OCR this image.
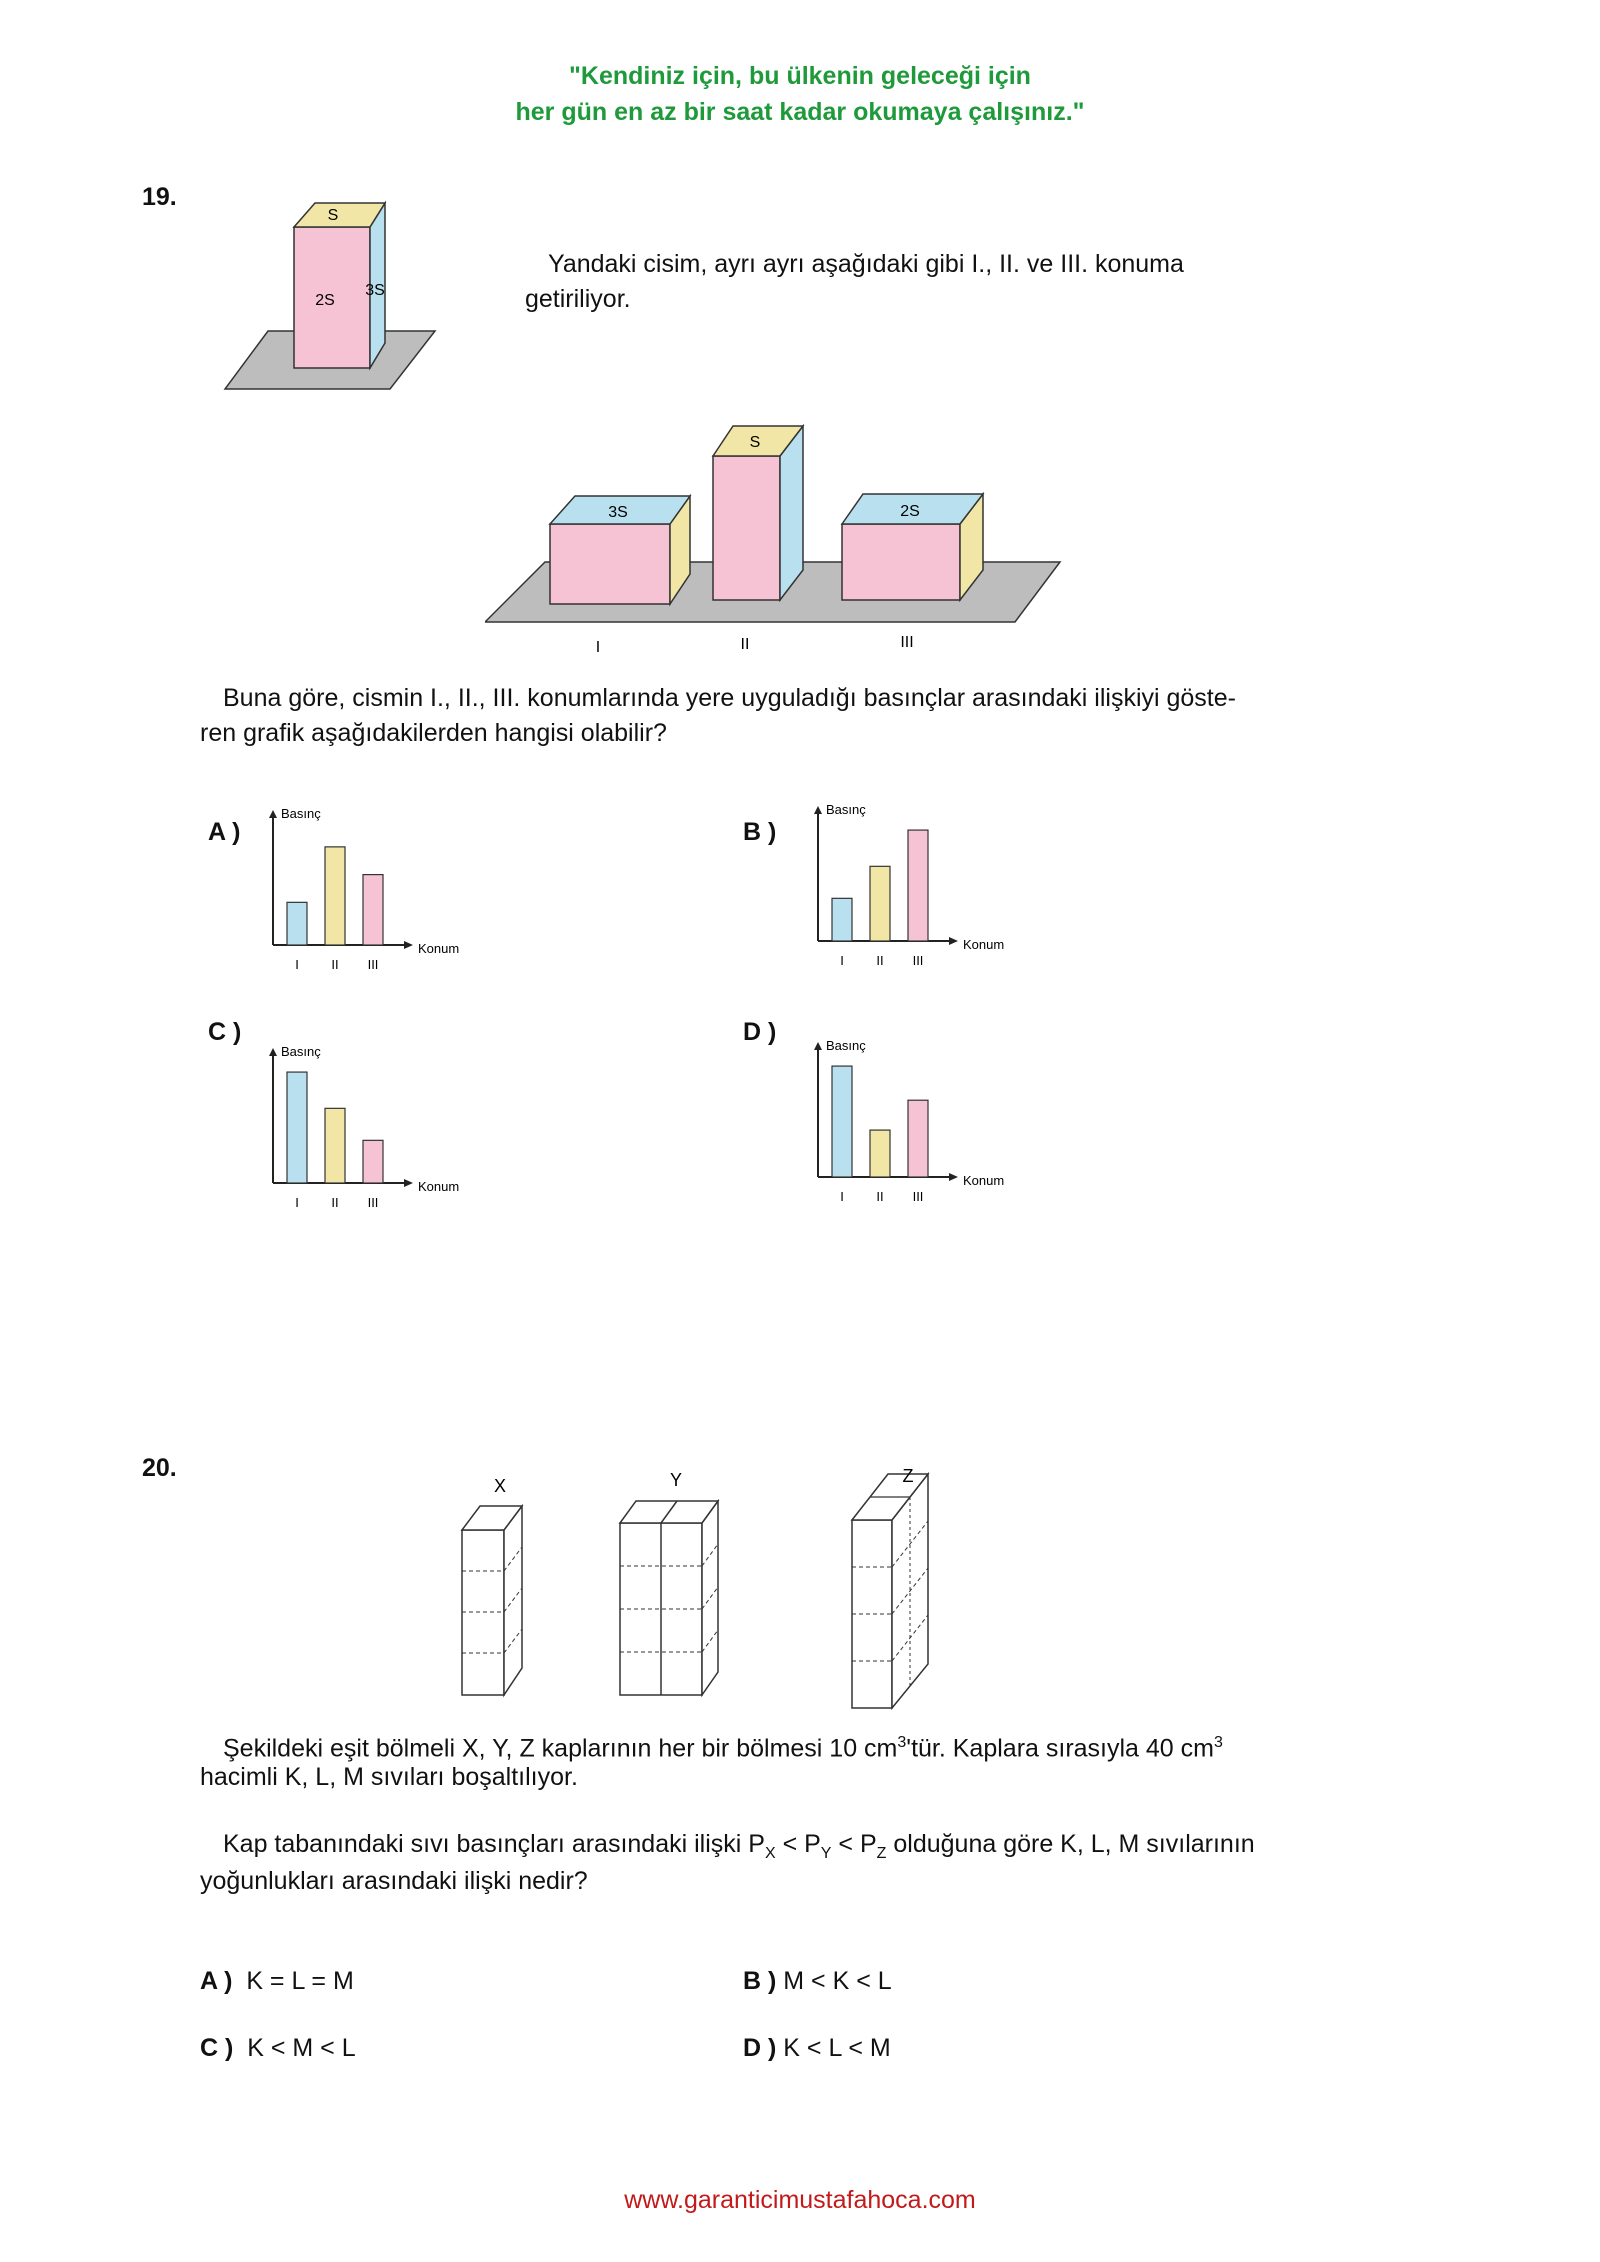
"Kendiniz için, bu ülkenin geleceği için
her gün en az bir saat kadar okumaya çalışınız."
19.
S
2S
3S
Yandaki cisim, ayrı ayrı aşağıdaki gibi I., II. ve III. konuma
getiriliyor.
3S
S
2S
I	II	III
Buna göre, cismin I., II., III. konumlarında yere uyguladığı basınçlar arasındaki ilişkiyi göste-
ren grafik aşağıdakilerden hangisi olabilir?
A )
Basınç
Konum
I	II III
B )
Basınç
Konum
I	II III
C )
Basınç
Konum
I	II III
D )	Basınç
Konum
I	II III
20.
X	Y	Z
Şekildeki eşit bölmeli X, Y, Z kaplarının her bir bölmesi 10 $cm^3'tür$. Kaplara sırasıyla 40 $cm^3$
hacimli K, L, M sıvıları boşaltılıyor.
Kap tabanındaki sıvı basınçları arasındaki ilişki $P_X < P_Y < P_Z$ olduğuna göre K, L, M sıvılarının
yoğunlukları arasındaki ilişki nedir?
A ) K = L = M	B ) M < K < L
C ) K < M < L	D ) K < L < M
www.garanticimustafahoca.com
